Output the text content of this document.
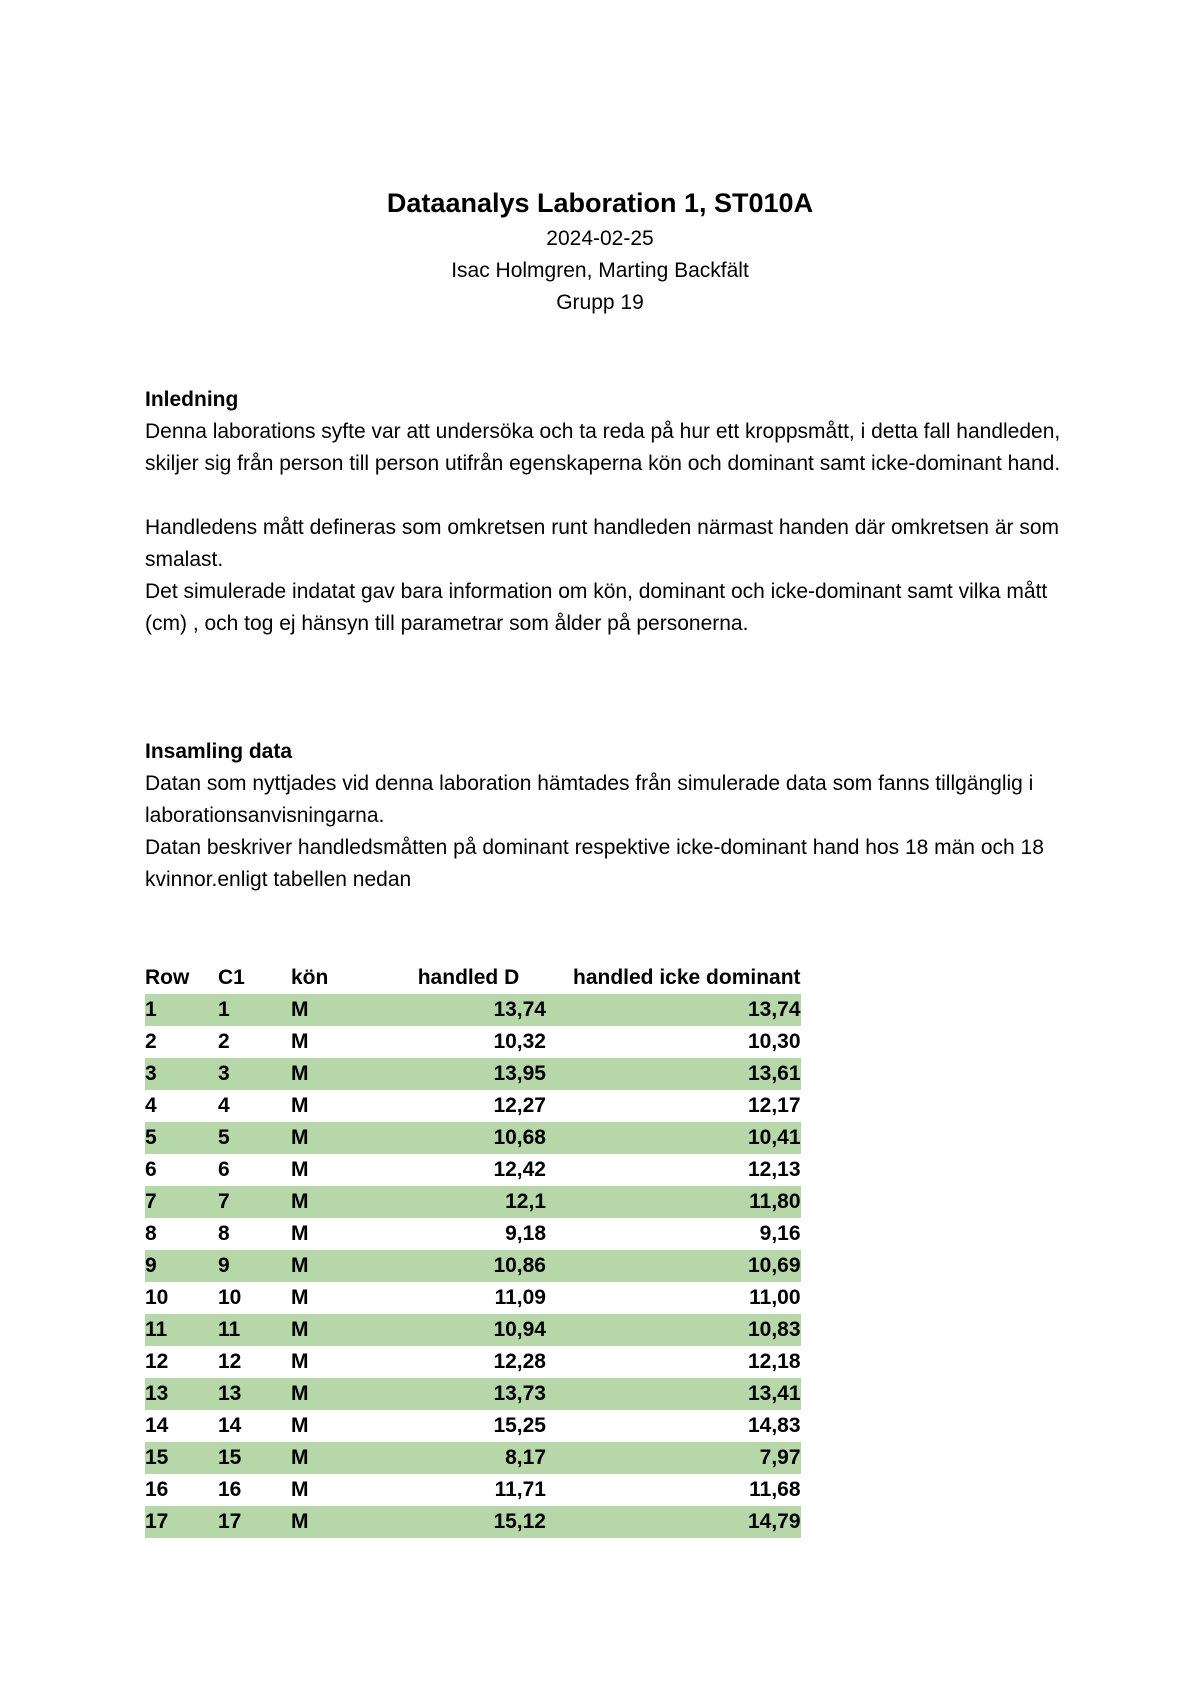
Dataanalys Laboration 1, ST010A

2024-02-25

Isac Holmgren, Marting Backfält

Grupp 19

Inledning

Denna laborations syfte var att undersöka och ta reda på hur ett kroppsmått, i detta fall handleden, skiljer sig från person till person utifrån egenskaperna kön och dominant samt icke-dominant hand.

Handledens mått defineras som omkretsen runt handleden närmast handen där omkretsen är som smalast.

Det simulerade indatat gav bara information om kön, dominant och icke-dominant samt vilka mått (cm) , och tog ej hänsyn till parametrar som ålder på personerna.

Insamling data

Datan som nyttjades vid denna laboration hämtades från simulerade data som fanns tillgänglig i laborationsanvisningarna.

Datan beskriver handledsmåtten på dominant respektive icke-dominant hand hos 18 män och 18 kvinnor.enligt tabellen nedan

Row	C1	kön	handled D	handled icke dominant
1	1	M	13,74	13,74
2	2	M	10,32	10,30
3	3	M	13,95	13,61
4	4	M	12,27	12,17
5	5	M	10,68	10,41
6	6	M	12,42	12,13
7	7	M	12,1	11,80
8	8	M	9,18	9,16
9	9	M	10,86	10,69
10	10	M	11,09	11,00
11	11	M	10,94	10,83
12	12	M	12,28	12,18
13	13	M	13,73	13,41
14	14	M	15,25	14,83
15	15	M	8,17	7,97
16	16	M	11,71	11,68
17	17	M	15,12	14,79
